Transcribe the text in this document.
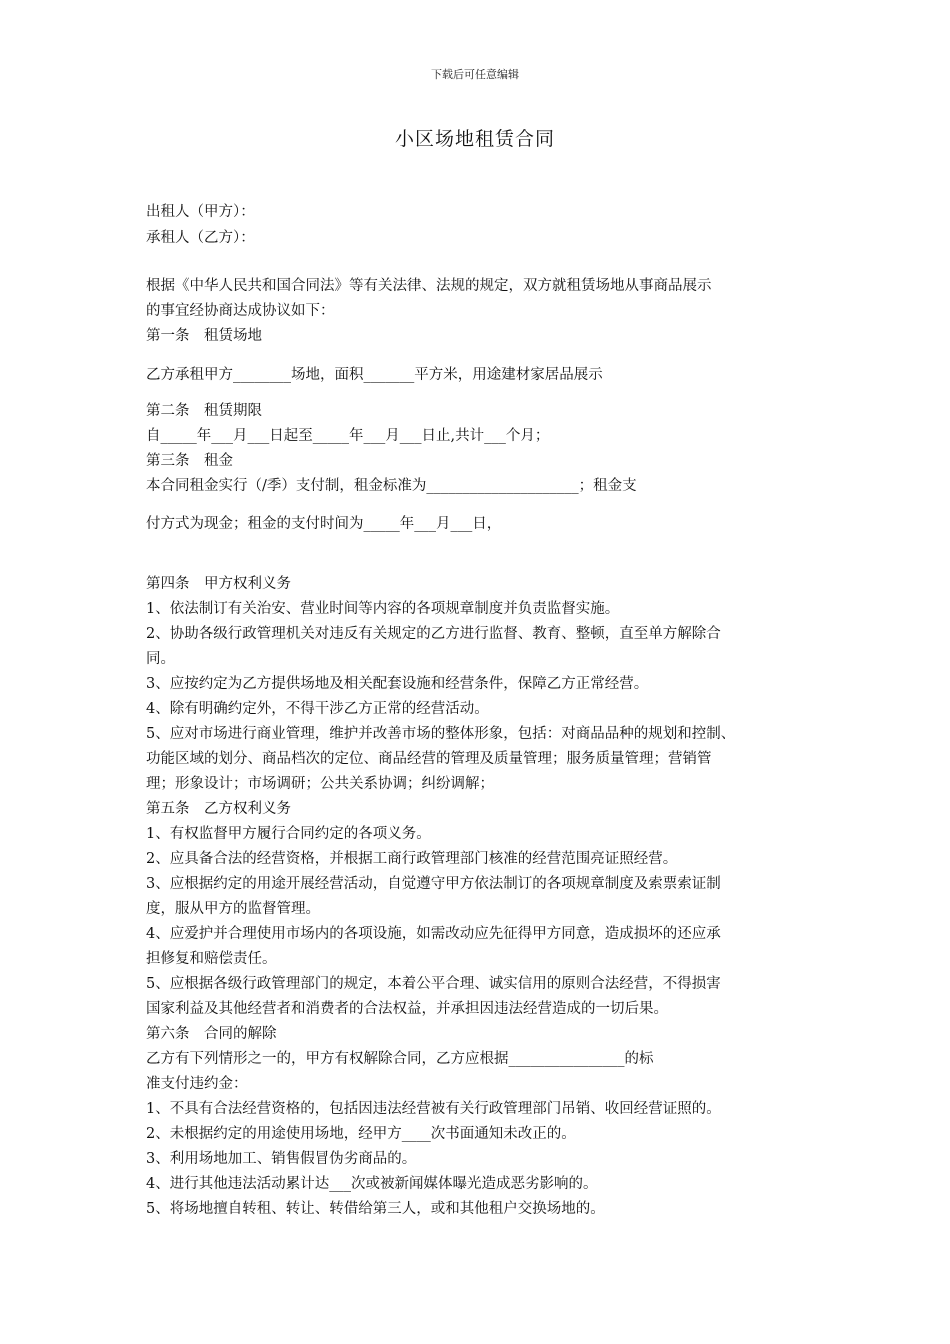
下载后可任意编辑
小区场地租赁合同
出租人（甲方）：
承租人（乙方）：
根据《中华人民共和国合同法》等有关法律、法规的规定，双方就租赁场地从事商品展示
的事宜经协商达成协议如下：
第一条　租赁场地
乙方承租甲方________场地，面积_______平方米，用途建材家居品展示
第二条　租赁期限
自_____年___月___日起至_____年___月___日止,共计___个月；
第三条　租金
本合同租金实行（/季）支付制，租金标准为_____________________；租金支
付方式为现金；租金的支付时间为_____年___月___日，
第四条　甲方权利义务
1、依法制订有关治安、营业时间等内容的各项规章制度并负责监督实施。
2、协助各级行政管理机关对违反有关规定的乙方进行监督、教育、整顿，直至单方解除合
同。
3、应按约定为乙方提供场地及相关配套设施和经营条件，保障乙方正常经营。
4、除有明确约定外，不得干涉乙方正常的经营活动。
5、应对市场进行商业管理，维护并改善市场的整体形象，包括：对商品品种的规划和控制、
功能区域的划分、商品档次的定位、商品经营的管理及质量管理；服务质量管理；营销管
理；形象设计；市场调研；公共关系协调；纠纷调解；
第五条　乙方权利义务
1、有权监督甲方履行合同约定的各项义务。
2、应具备合法的经营资格，并根据工商行政管理部门核准的经营范围亮证照经营。
3、应根据约定的用途开展经营活动，自觉遵守甲方依法制订的各项规章制度及索票索证制
度，服从甲方的监督管理。
4、应爱护并合理使用市场内的各项设施，如需改动应先征得甲方同意，造成损坏的还应承
担修复和赔偿责任。
5、应根据各级行政管理部门的规定，本着公平合理、诚实信用的原则合法经营，不得损害
国家利益及其他经营者和消费者的合法权益，并承担因违法经营造成的一切后果。
第六条　合同的解除
乙方有下列情形之一的，甲方有权解除合同，乙方应根据________________的标
准支付违约金：
1、不具有合法经营资格的，包括因违法经营被有关行政管理部门吊销、收回经营证照的。
2、未根据约定的用途使用场地，经甲方____次书面通知未改正的。
3、利用场地加工、销售假冒伪劣商品的。
4、进行其他违法活动累计达___次或被新闻媒体曝光造成恶劣影响的。
5、将场地擅自转租、转让、转借给第三人，或和其他租户交换场地的。
